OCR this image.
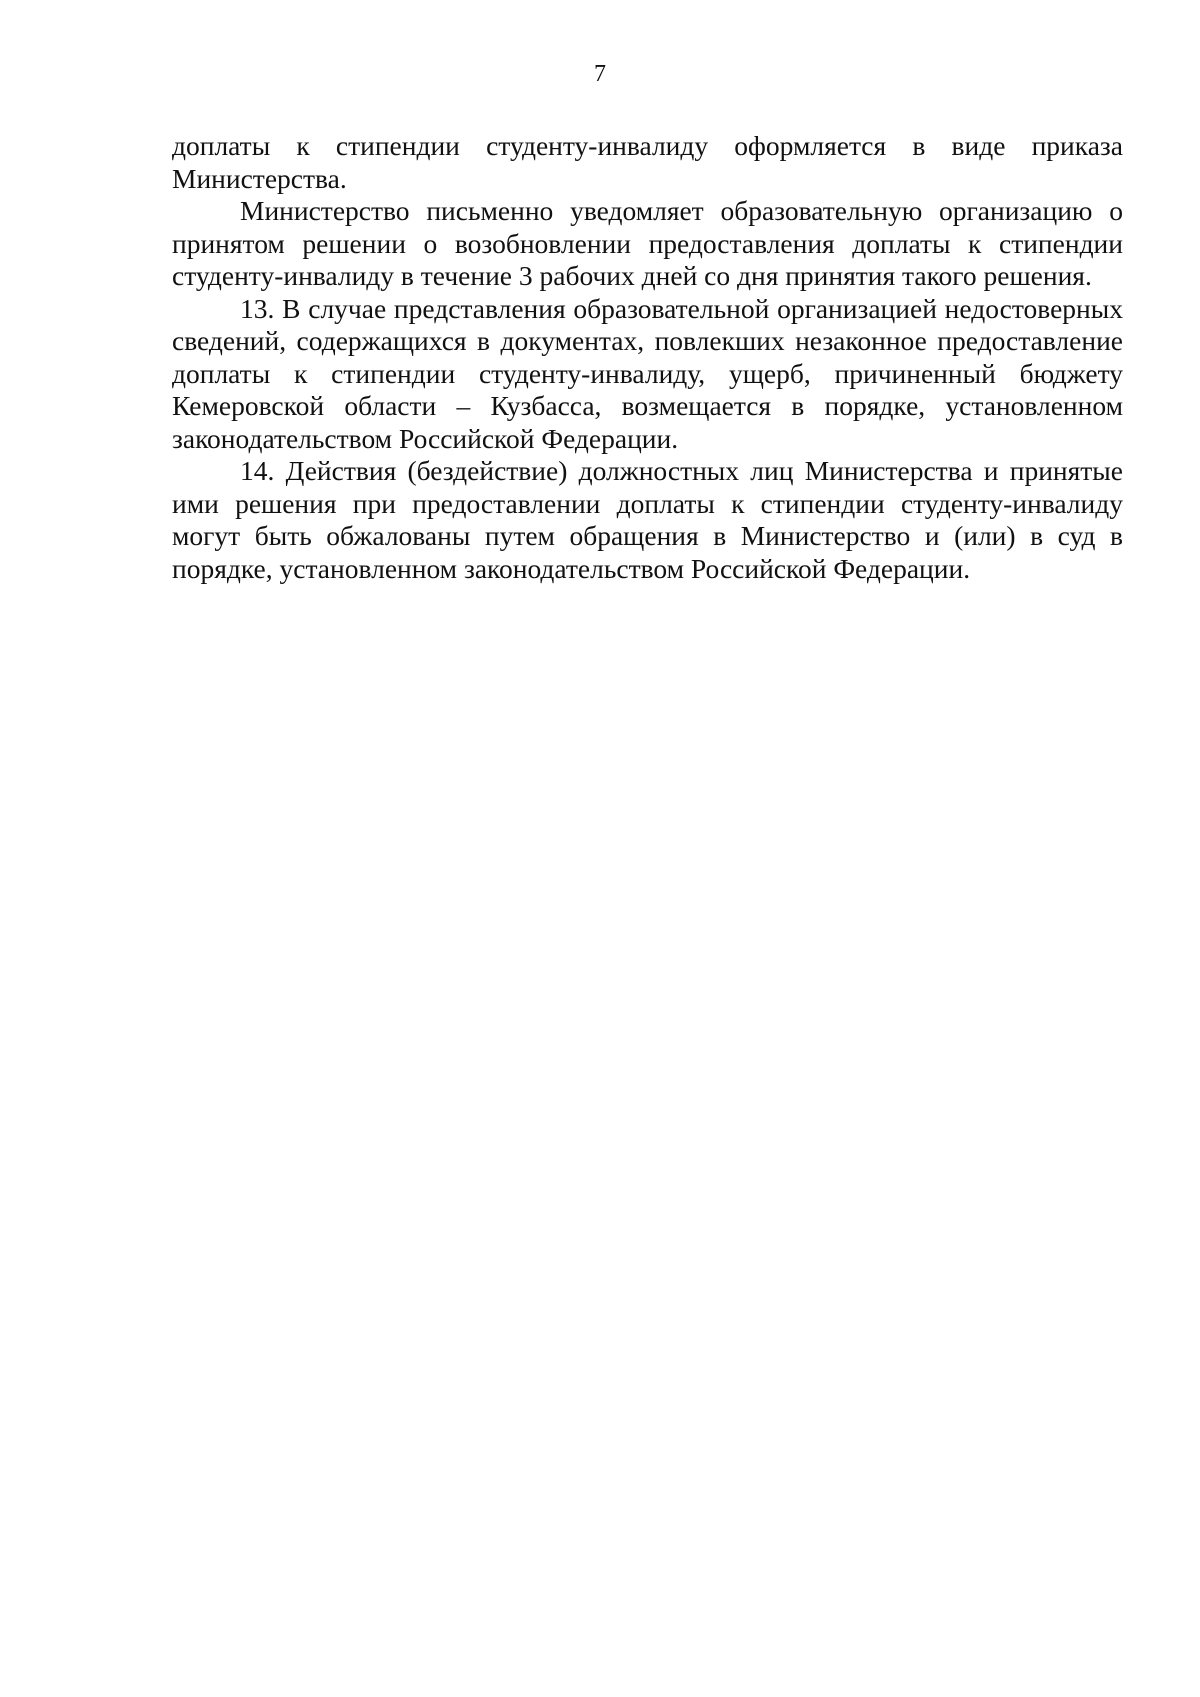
7

доплаты к стипендии студенту-инвалиду оформляется в виде приказа Министерства.

Министерство письменно уведомляет образовательную организацию о принятом решении о возобновлении предоставления доплаты к стипендии студенту-инвалиду в течение 3 рабочих дней со дня принятия такого решения.

13. В случае представления образовательной организацией недостоверных сведений, содержащихся в документах, повлекших незаконное предоставление доплаты к стипендии студенту-инвалиду, ущерб, причиненный бюджету Кемеровской области – Кузбасса, возмещается в порядке, установленном законодательством Российской Федерации.

14. Действия (бездействие) должностных лиц Министерства и принятые ими решения при предоставлении доплаты к стипендии студенту-инвалиду могут быть обжалованы путем обращения в Министерство и (или) в суд в порядке, установленном законодательством Российской Федерации.
